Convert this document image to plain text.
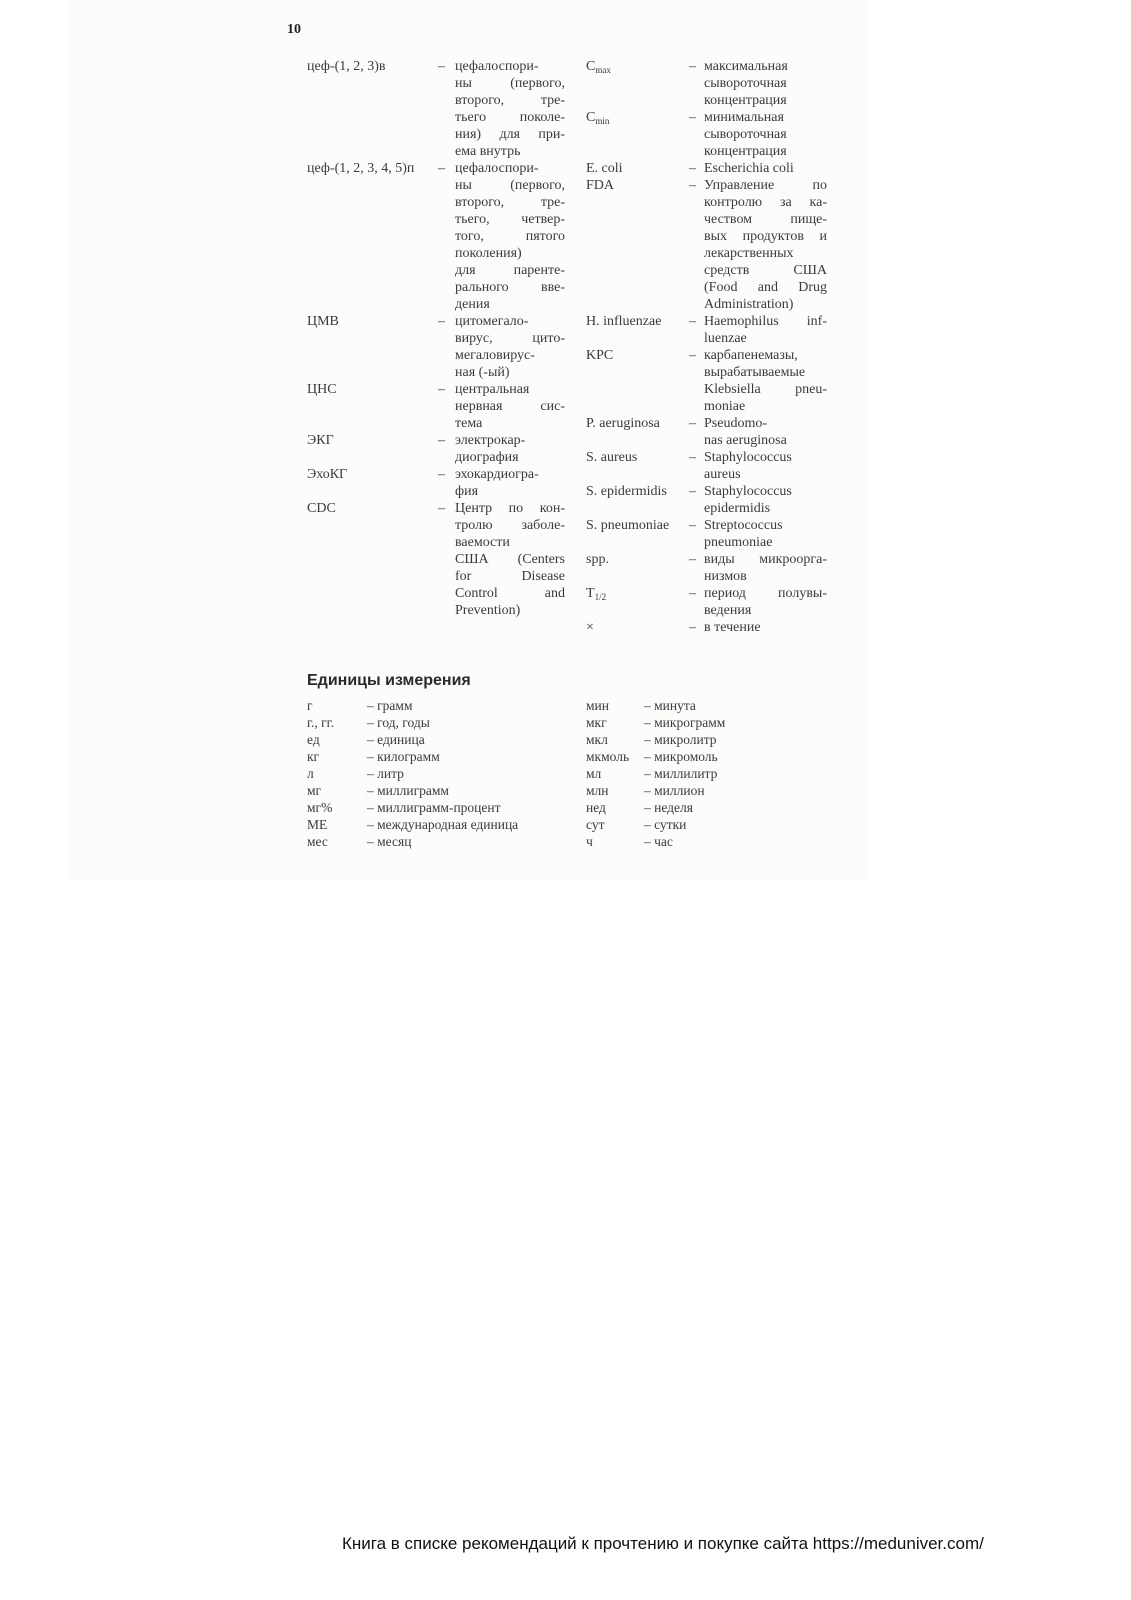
10
цеф-(1, 2, 3)в	– цефалоспори-
ны (первого,
второго, тре-
тьего поколе-
ния) для при-
ема внутрь
цеф-(1, 2, 3, 4, 5)п – цефалоспори-
ны (первого,
второго, тре-
тьего, четвер-
того, пятого
поколения)
для паренте-
рального вве-
дения
ЦМВ	– цитомегало-
вирус, цито-
мегаловирус-
ная (-ый)
ЦНС	– центральная
нервная сис-
тема
ЭКГ	– электрокар-
диография
ЭхоКГ	– эхокардиогра-
фия
CDC	– Центр по кон-
тролю заболе-
ваемости
США (Centers
for Disease
Control and
Prevention)
$C_{max}$	– максимальная
сывороточная
концентрация
$C_{min}$	– минимальная
сывороточная
концентрация
E. coli	– Escherichia coli
FDA	– Управление по
контролю за ка-
чеством пище-
вых продуктов и
лекарственных
средств США
(Food and Drug
Administration)
H. influenzae – Haemophilus inf-
luenzae
KPC	– карбапенемазы,
вырабатываемые
Klebsiella pneu-
moniae
P. aeruginosa – Pseudomo-
nas aeruginosa
S. aureus	– Staphylococcus
aureus
S. epidermidis – Staphylococcus
epidermidis
S. pneumoniae – Streptococcus
pneumoniae
spp.	– виды микроорга-
низмов
$T_{1/2}$	– период полувы-
ведения
×	– в течение
Единицы измерения
г	– грамм
г., гг. – год, годы
ед	– единица
кг	– килограмм
л	– литр
мг	– миллиграмм
мг%	– миллиграмм-процент
МЕ	– международная единица
мес	– месяц
мин	– минута
мкг	– микрограмм
мкл	– микролитр
мкмоль – микромоль
мл	– миллилитр
млн	– миллион
нед	– неделя
сут	– сутки
ч	– час
Книга в списке рекомендаций к прочтению и покупке сайта https://meduniver.com/
